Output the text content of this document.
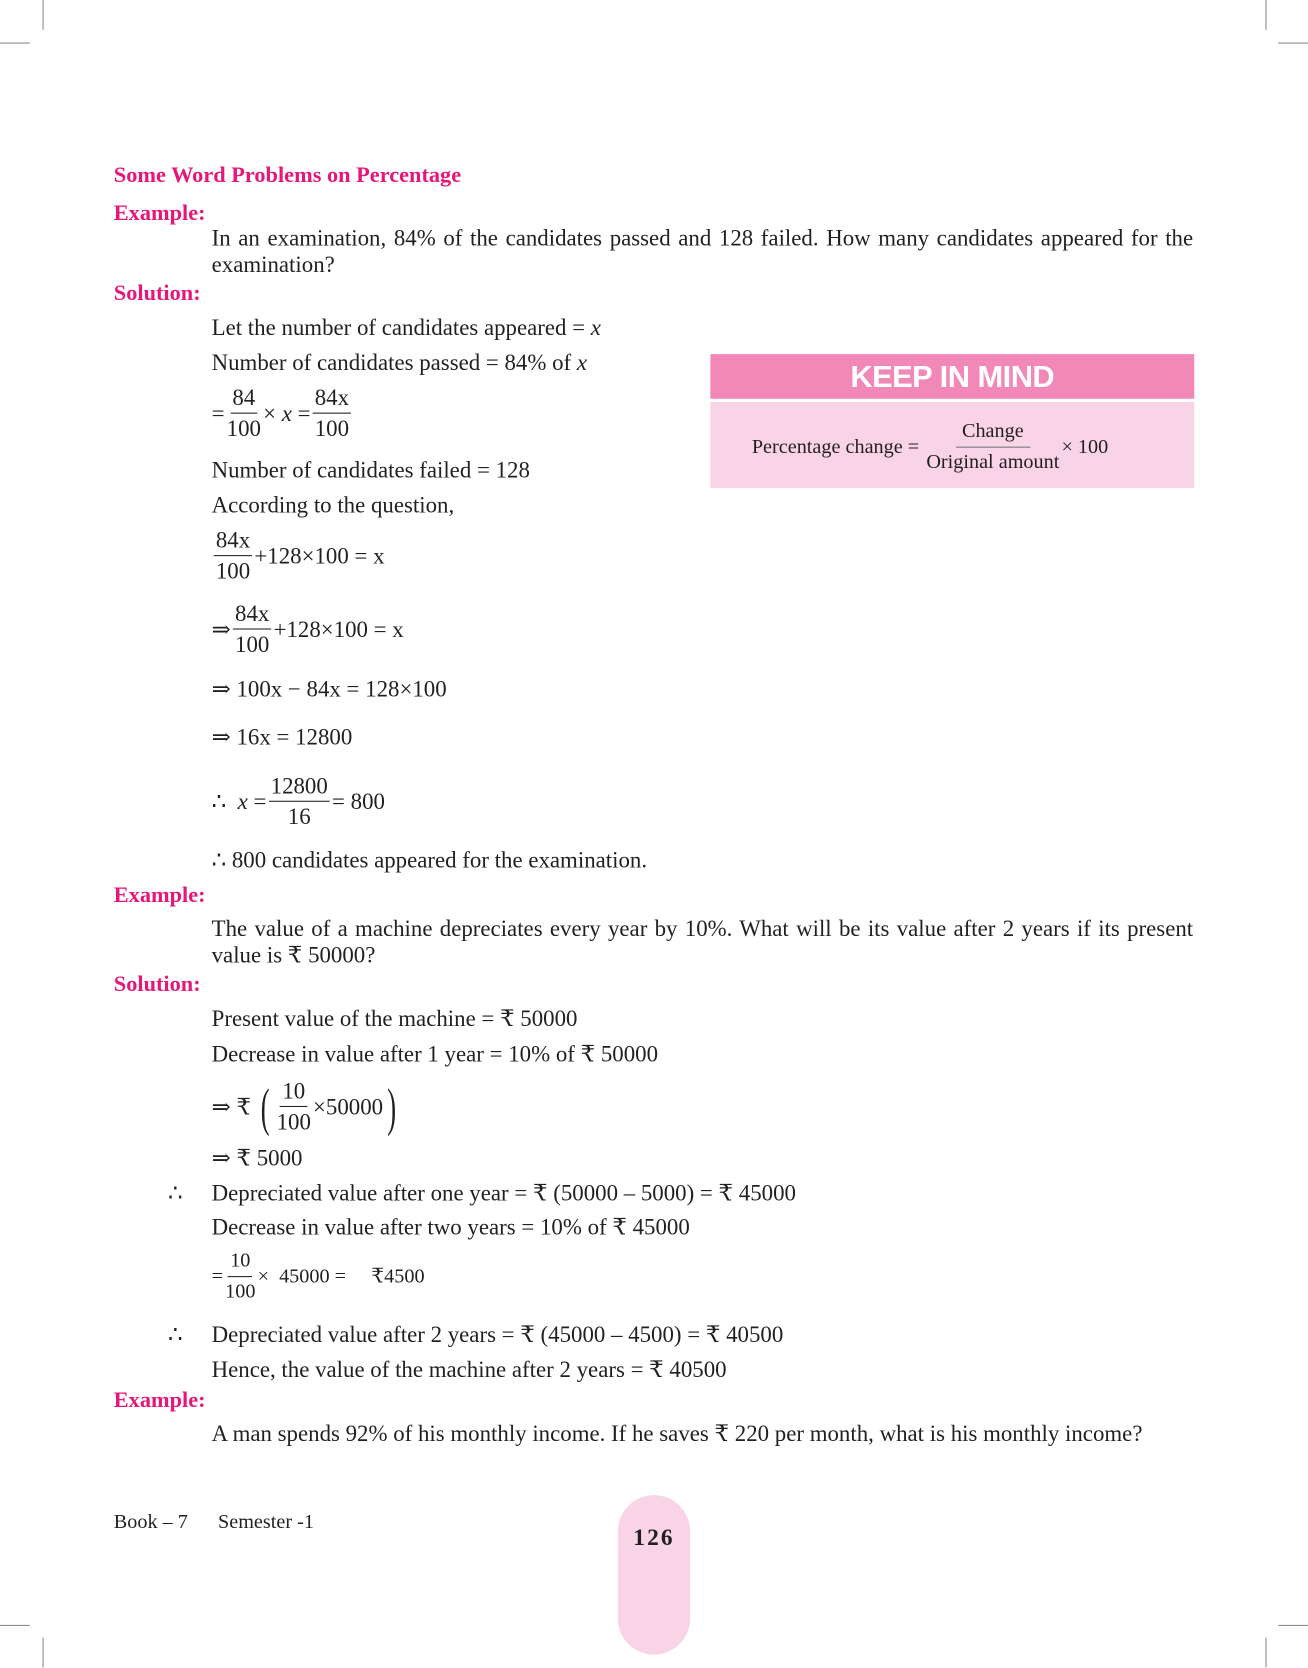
Some Word Problems on Percentage
Example:
In an examination, 84% of the candidates passed and 128 failed. How many candidates appeared for the examination?
Solution:
Let the number of candidates appeared = x
Number of candidates passed = 84% of x
= $\frac{84}{100}$ ×
x
= $\frac{84x}{100}$
Number of candidates failed = 128
According to the question,
$\frac{84x}{100} +128\times 100 = x$
⇒ $\frac{84x}{100} +128\times 100 = x$
⇒ 100x − 84x = 128×100
⇒ 16x = 12800
∴
x
= $\frac{12800}{16} = 800$
∴ 800 candidates appeared for the examination.
KEEP IN MIND
Percentage change =
$\frac{\text{Change}}{\text{Original amount}} \times 100$
Example:
The value of a machine depreciates every year by 10%. What will be its value after 2 years if its present value is ₹ 50000?
Solution:
Present value of the machine = ₹ 50000
Decrease in value after 1 year = 10% of ₹ 50000
⇒ ₹
( $\frac{10}{100} \times 50000$ )
⇒ ₹ 5000
∴ Depreciated value after one year = ₹ (50000 – 5000) = ₹ 45000
Decrease in value after two years = 10% of ₹ 45000
= $\frac{10}{100} \times 45000$ =     ₹4500
∴ Depreciated value after 2 years = ₹ (45000 – 4500) = ₹ 40500
Hence, the value of the machine after 2 years = ₹ 40500
Example:
A man spends 92% of his monthly income. If he saves ₹ 220 per month, what is his monthly income?
Book – 7 Semester -1
126
